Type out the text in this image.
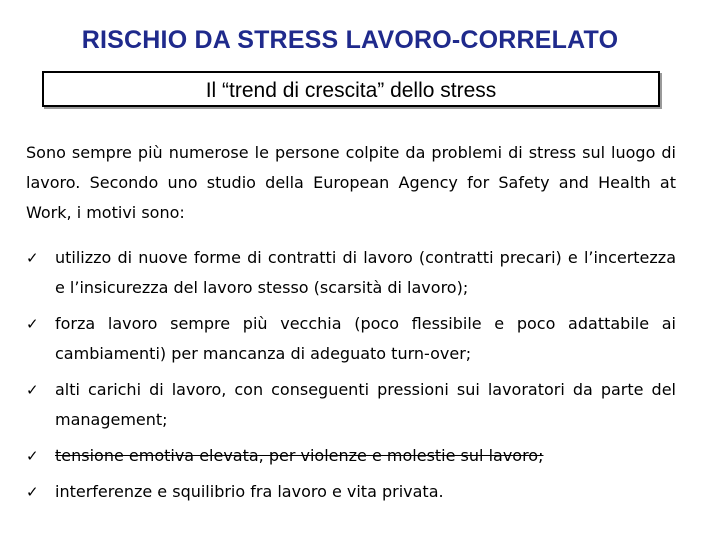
RISCHIO DA STRESS LAVORO-CORRELATO
Il “trend di crescita” dello stress
Sono sempre più numerose le persone colpite da problemi di stress sul luogo di lavoro. Secondo uno studio della European Agency for Safety and Health at Work, i motivi sono:
✓ utilizzo di nuove forme di contratti di lavoro (contratti precari) e l’incertezza e l’insicurezza del lavoro stesso (scarsità di lavoro);
✓ forza lavoro sempre più vecchia (poco flessibile e poco adattabile ai cambiamenti) per mancanza di adeguato turn-over;
✓ alti carichi di lavoro, con conseguenti pressioni sui lavoratori da parte del management;
✓ tensione emotiva elevata, per violenze e molestie sul lavoro;
✓ interferenze e squilibrio fra lavoro e vita privata.
